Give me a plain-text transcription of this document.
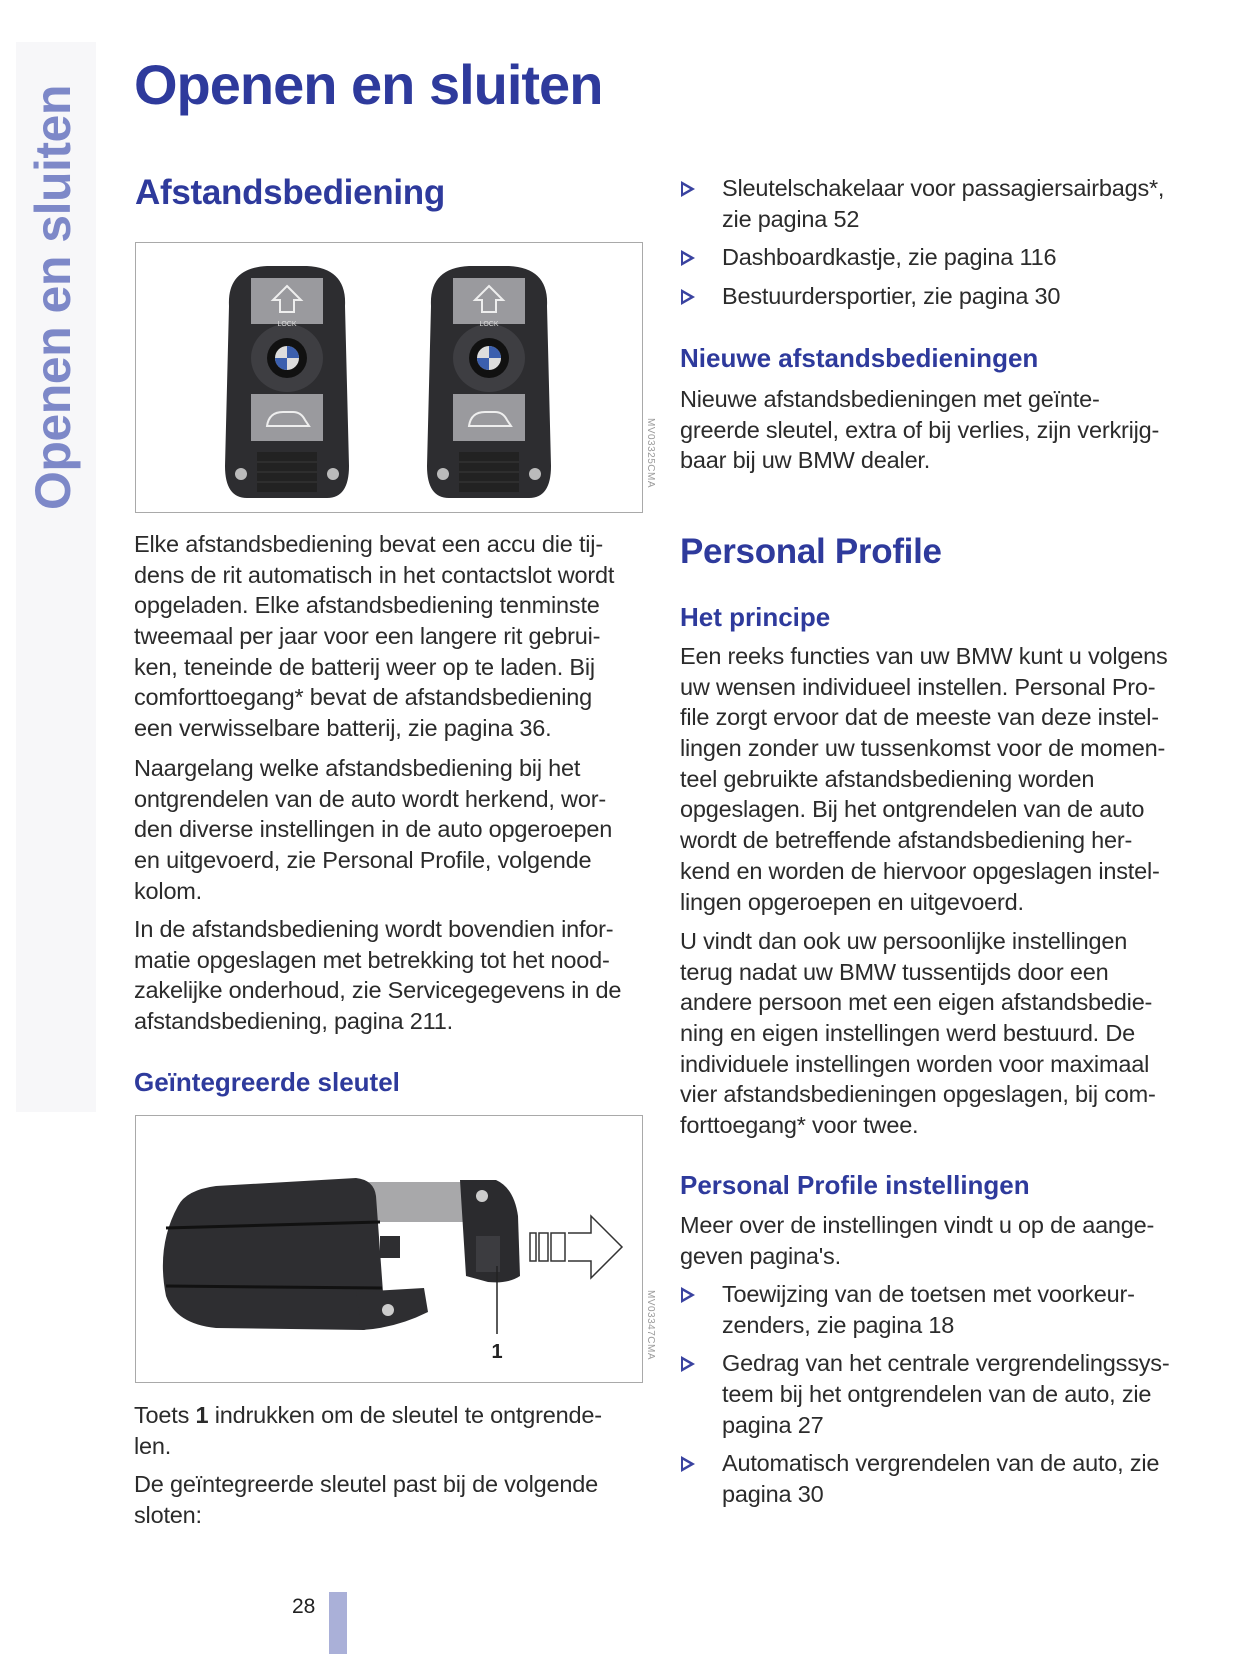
Openen en sluiten
Openen en sluiten
Afstandsbediening
LOCK	LOCK
MV03325CMA
Elke afstandsbediening bevat een accu die tij-
dens de rit automatisch in het contactslot wordt
opgeladen. Elke afstandsbediening tenminste
tweemaal per jaar voor een langere rit gebrui-
ken, teneinde de batterij weer op te laden. Bij
comforttoegang* bevat de afstandsbediening
een verwisselbare batterij, zie pagina 36.
Naargelang welke afstandsbediening bij het
ontgrendelen van de auto wordt herkend, wor-
den diverse instellingen in de auto opgeroepen
en uitgevoerd, zie Personal Profile, volgende
kolom.
In de afstandsbediening wordt bovendien infor-
matie opgeslagen met betrekking tot het nood-
zakelijke onderhoud, zie Servicegegevens in de
afstandsbediening, pagina 211.
Geïntegreerde sleutel
1	MV03347CMA
Toets 1 indrukken om de sleutel te ontgrende-
len.
De geïntegreerde sleutel past bij de volgende
sloten:
Sleutelschakelaar voor passagiersairbags*,
zie pagina 52
Dashboardkastje, zie pagina 116
Bestuurdersportier, zie pagina 30
Nieuwe afstandsbedieningen
Nieuwe afstandsbedieningen met geïnte-
greerde sleutel, extra of bij verlies, zijn verkrijg-
baar bij uw BMW dealer.
Personal Profile
Het principe
Een reeks functies van uw BMW kunt u volgens
uw wensen individueel instellen. Personal Pro-
file zorgt ervoor dat de meeste van deze instel-
lingen zonder uw tussenkomst voor de momen-
teel gebruikte afstandsbediening worden
opgeslagen. Bij het ontgrendelen van de auto
wordt de betreffende afstandsbediening her-
kend en worden de hiervoor opgeslagen instel-
lingen opgeroepen en uitgevoerd.
U vindt dan ook uw persoonlijke instellingen
terug nadat uw BMW tussentijds door een
andere persoon met een eigen afstandsbedie-
ning en eigen instellingen werd bestuurd. De
individuele instellingen worden voor maximaal
vier afstandsbedieningen opgeslagen, bij com-
forttoegang* voor twee.
Personal Profile instellingen
Meer over de instellingen vindt u op de aange-
geven pagina's.
Toewijzing van de toetsen met voorkeur-
zenders, zie pagina 18
Gedrag van het centrale vergrendelingssys-
teem bij het ontgrendelen van de auto, zie
pagina 27
Automatisch vergrendelen van de auto, zie
pagina 30
28
